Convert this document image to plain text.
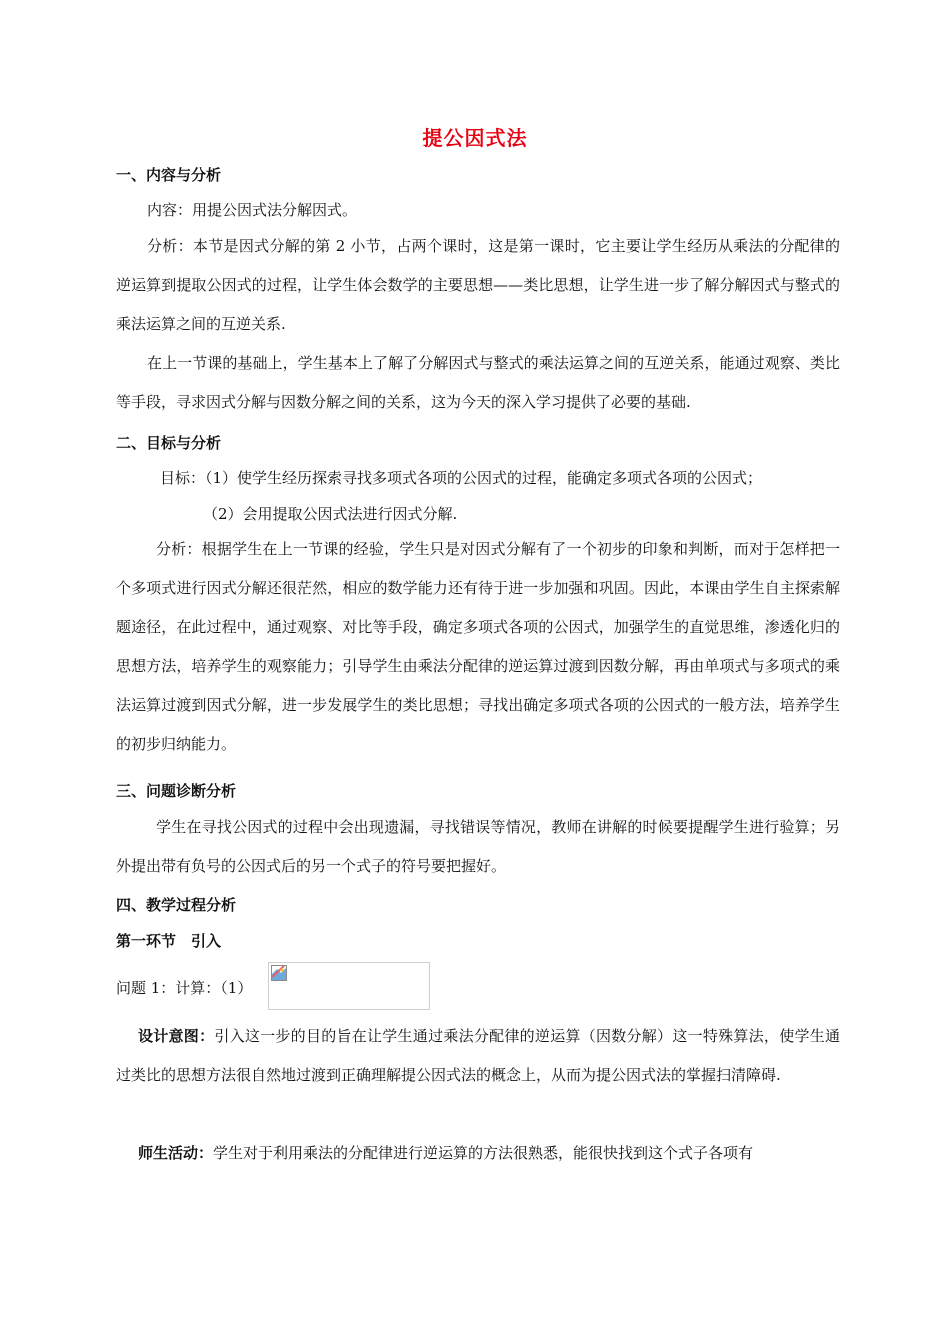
提公因式法
一、内容与分析

内容：用提公因式法分解因式。

分析：本节是因式分解的第 2 小节，占两个课时，这是第一课时，它主要让学生经历从乘法的分配律的逆运算到提取公因式的过程，让学生体会数学的主要思想——类比思想，让学生进一步了解分解因式与整式的乘法运算之间的互逆关系.

在上一节课的基础上，学生基本上了解了分解因式与整式的乘法运算之间的互逆关系，能通过观察、类比等手段，寻求因式分解与因数分解之间的关系，这为今天的深入学习提供了必要的基础.

二、目标与分析

目标：（1）使学生经历探索寻找多项式各项的公因式的过程，能确定多项式各项的公因式；

（2）会用提取公因式法进行因式分解.

分析：根据学生在上一节课的经验，学生只是对因式分解有了一个初步的印象和判断，而对于怎样把一个多项式进行因式分解还很茫然，相应的数学能力还有待于进一步加强和巩固。因此，本课由学生自主探索解题途径，在此过程中，通过观察、对比等手段，确定多项式各项的公因式，加强学生的直觉思维，渗透化归的思想方法，培养学生的观察能力；引导学生由乘法分配律的逆运算过渡到因数分解，再由单项式与多项式的乘法运算过渡到因式分解，进一步发展学生的类比思想；寻找出确定多项式各项的公因式的一般方法，培养学生的初步归纳能力。

三、问题诊断分析

学生在寻找公因式的过程中会出现遗漏，寻找错误等情况，教师在讲解的时候要提醒学生进行验算；另外提出带有负号的公因式后的另一个式子的符号要把握好。

四、教学过程分析
第一环节　引入

问题 1：计算：（1）

设计意图：引入这一步的目的旨在让学生通过乘法分配律的逆运算（因数分解）这一特殊算法，使学生通过类比的思想方法很自然地过渡到正确理解提公因式法的概念上，从而为提公因式法的掌握扫清障碍.

师生活动：学生对于利用乘法的分配律进行逆运算的方法很熟悉，能很快找到这个式子各项有
